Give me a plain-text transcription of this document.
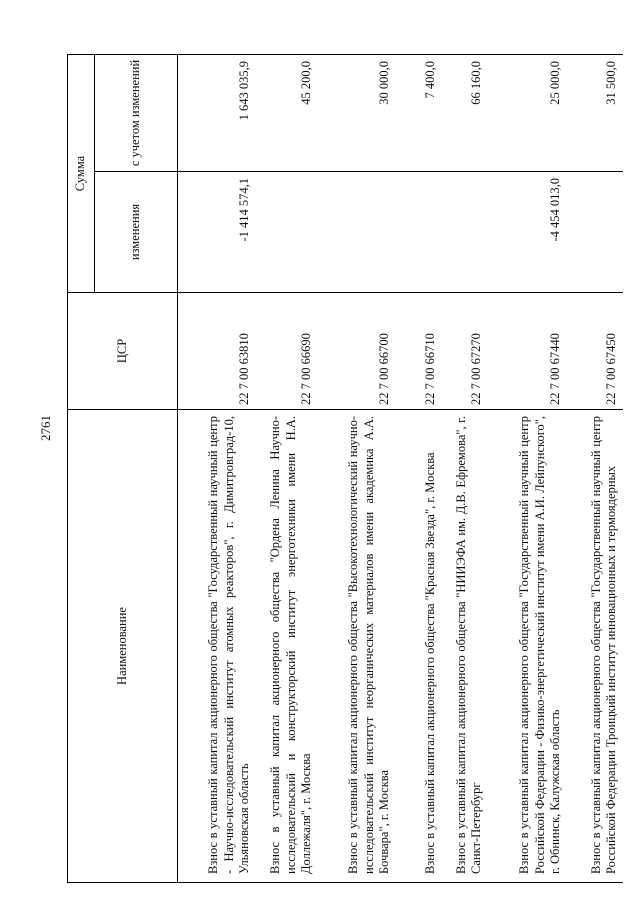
2761
Наименование	ЦСР	Сумма	
		изменения	с учетом изменений
Взнос в уставный капитал акционерного общества "Государственный научный центр - Научно-исследовательский институт атомных реакторов", г. Димитровград-10, Ульяновская область	22 7 00 63810	-1 414 574,1	1 643 035,9
Взнос в уставный капитал акционерного общества "Ордена Ленина Научно-исследовательский и конструкторский институт энерготехники имени Н.А. Доллежаля", г. Москва	22 7 00 66690		45 200,0
Взнос в уставный капитал акционерного общества "Высокотехнологический научно-исследовательский институт неорганических материалов имени академика А.А. Бочвара", г. Москва	22 7 00 66700		30 000,0
Взнос в уставный капитал акционерного общества "Красная Звезда", г. Москва	22 7 00 66710		7 400,0
Взнос в уставный капитал акционерного общества "НИИЭФА им. Д.В. Ефремова", г. Санкт-Петербург	22 7 00 67270		66 160,0
Взнос в уставный капитал акционерного общества "Государственный научный центр Российской Федерации - Физико-энергетический институт имени А.И. Лейпунского", г. Обнинск, Калужская область	22 7 00 67440	-4 454 013,0	25 000,0
Взнос в уставный капитал акционерного общества "Государственный научный центр Российской Федерации Троицкий институт инновационных и термоядерных	22 7 00 67450		31 500,0
